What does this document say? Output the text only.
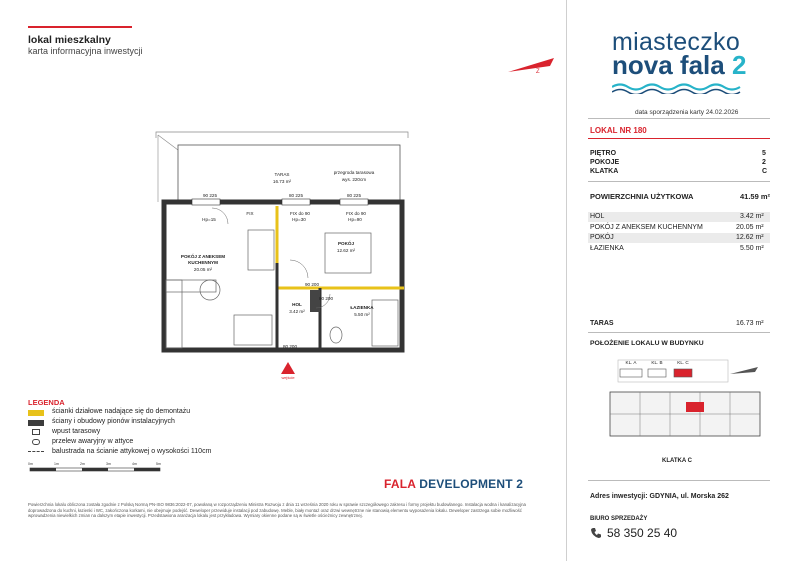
lokal mieszkalny
karta informacyjna inwestycji
Z
TARAS
16.73 m²
przegroda tarasowa
wys. 220cm
90 225	80 225	80 225
FIX	FIX do 90	FIX do 90
Hp=15	Hp=30	Hp=90
POKÓJ Z ANEKSEM
KUCHENNYM
20.05 m²
POKÓJ
12.62 m²
HOL
3.42 m²
ŁAZIENKA
5.50 m²
90 200
80 200
80 200
wejście
LEGENDA
ścianki działowe nadające się do demontażu
ściany i obudowy pionów instalacyjnych
wpust tarasowy
przelew awaryjny w attyce
balustrada na ścianie attykowej o wysokości 110cm
0m	1m	2m	3m	4m	5m
FALA DEVELOPMENT 2
Powierzchnia lokalu obliczona została zgodnie z Polską Normą PN-ISO 9836:2022-07, powołaną w rozporządzeniu Ministra Rozwoju z dnia 11 września 2020 roku w sprawie szczegółowego zakresu i formy projektu budowlanego. Instalacja wodna i kanalizacyjna doprowadzona do kuchni, łazienki i WC, zakończona korkami, nie obejmuje podejść. Deweloper przewiduje instalacji pod zabudowę. Meble, biały montaż oraz drzwi wewnętrzne nie stanowią elementu wyposażenia lokalu. Deweloper zastrzega sobie możliwość wprowadzenia niewielkich zmian na dalszym etapie inwestycji. Przedstawiona aranżacja lokalu jest przykładowa. Wymiary okienne podane są w świetle ościeżnicy zewnętrznej.
miasteczko
nova fala 2
data sporządzenia karty 24.02.2026
LOKAL NR 180
PIĘTRO	5
POKOJE	2
KLATKA	C
POWIERZCHNIA UŻYTKOWA	41.59 m²
HOL	3.42 m²
POKÓJ Z ANEKSEM KUCHENNYM	20.05 m²
POKÓJ	12.62 m²
ŁAZIENKA	5.50 m²
TARAS	16.73 m²
POŁOŻENIE LOKALU W BUDYNKU
KL. A	KL. B	KL. C
KLATKA C
Adres inwestycji: GDYNIA, ul. Morska 262
BIURO SPRZEDAŻY
58 350 25 40
